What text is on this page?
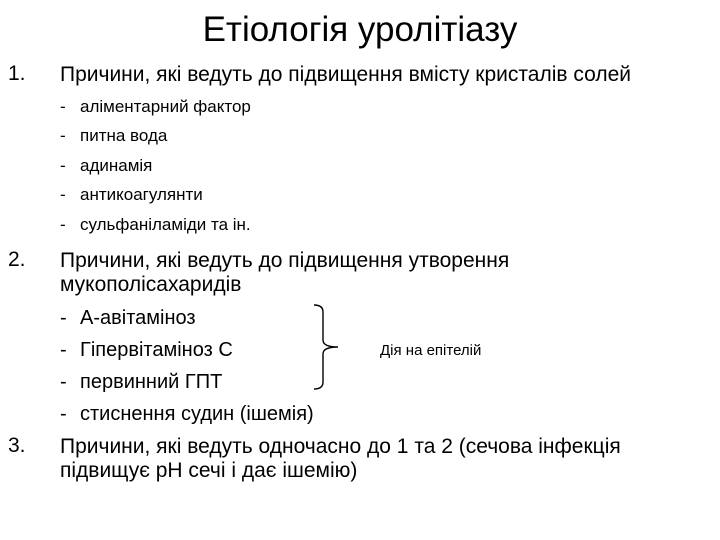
Етіологія уролітіазу
1. Причини, які ведуть до підвищення вмісту кристалів солей
- аліментарний фактор
- питна вода
- адинамія
- антикоагулянти
- сульфаніламіди та ін.
2. Причини, які ведуть до підвищення утворення
мукополісахаридів
- А-авітаміноз
- Гіпервітаміноз С
- первинний ГПТ
- стиснення судин (ішемія)
Дія на епітелій
3. Причини, які ведуть одночасно до 1 та 2 (сечова інфекція
підвищує pH сечі і дає ішемію)
